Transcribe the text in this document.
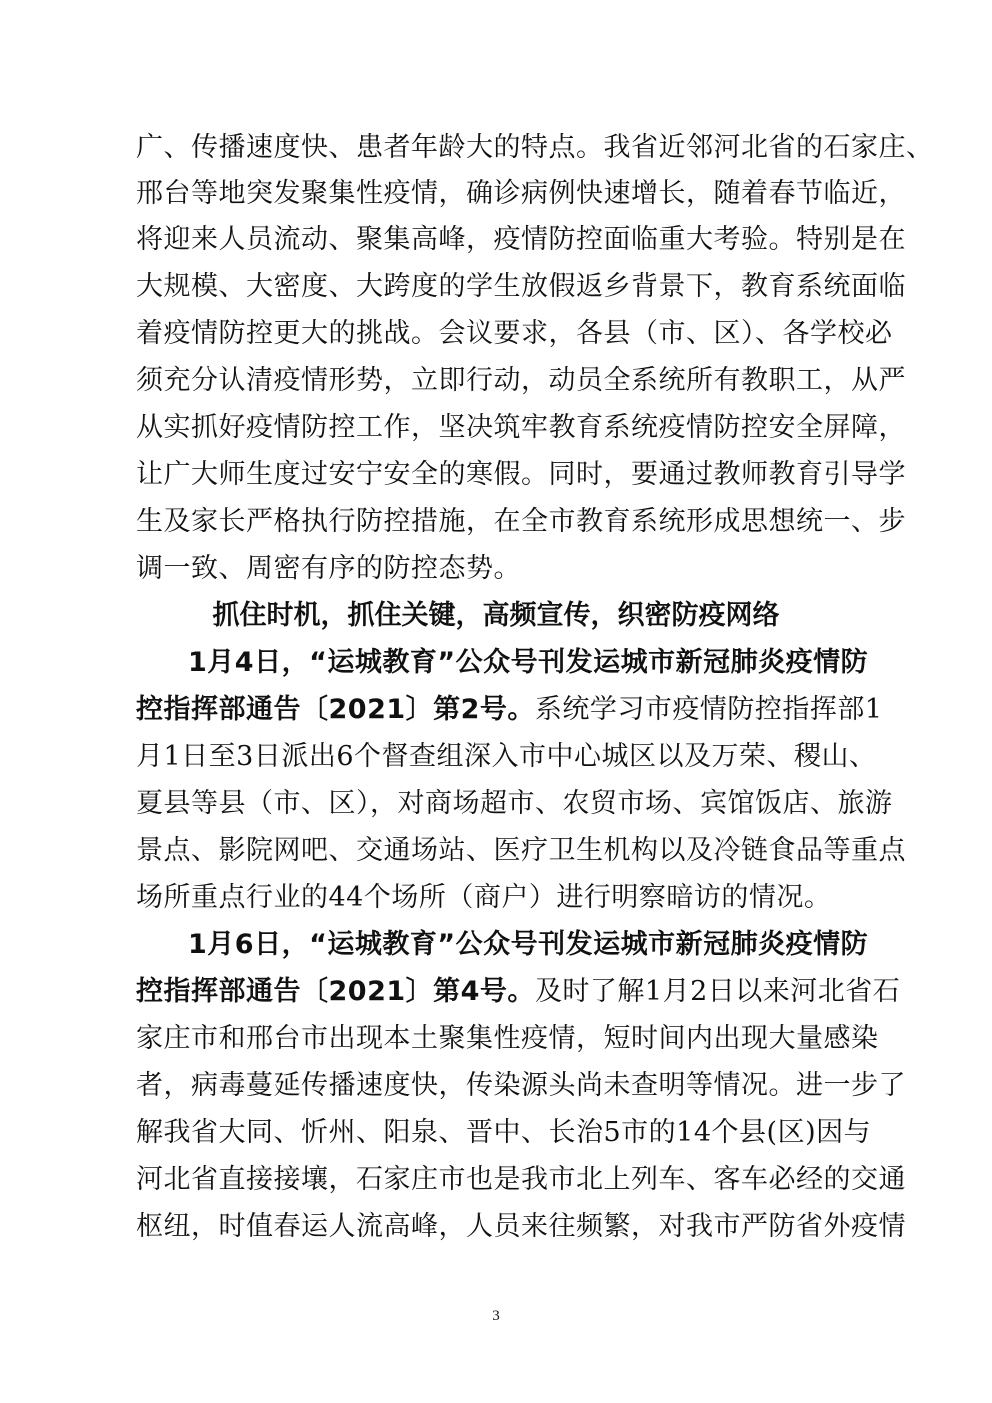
广、传播速度快、患者年龄大的特点。我省近邻河北省的石家庄、
邢台等地突发聚集性疫情，确诊病例快速增长，随着春节临近，
将迎来人员流动、聚集高峰，疫情防控面临重大考验。特别是在
大规模、大密度、大跨度的学生放假返乡背景下，教育系统面临
着疫情防控更大的挑战。会议要求，各县（市、区）、各学校必
须充分认清疫情形势，立即行动，动员全系统所有教职工，从严
从实抓好疫情防控工作，坚决筑牢教育系统疫情防控安全屏障，
让广大师生度过安宁安全的寒假。同时，要通过教师教育引导学
生及家长严格执行防控措施，在全市教育系统形成思想统一、步
调一致、周密有序的防控态势。
抓住时机，抓住关键，高频宣传，织密防疫网络
1月4日，“运城教育”公众号刊发运城市新冠肺炎疫情防
控指挥部通告〔2021〕第2号。系统学习市疫情防控指挥部1
月1日至3日派出6个督查组深入市中心城区以及万荣、稷山、
夏县等县（市、区），对商场超市、农贸市场、宾馆饭店、旅游
景点、影院网吧、交通场站、医疗卫生机构以及冷链食品等重点
场所重点行业的44个场所（商户）进行明察暗访的情况。
1月6日，“运城教育”公众号刊发运城市新冠肺炎疫情防
控指挥部通告〔2021〕第4号。及时了解1月2日以来河北省石
家庄市和邢台市出现本土聚集性疫情，短时间内出现大量感染
者，病毒蔓延传播速度快，传染源头尚未查明等情况。进一步了
解我省大同、忻州、阳泉、晋中、长治5市的14个县(区)因与
河北省直接接壤，石家庄市也是我市北上列车、客车必经的交通
枢纽，时值春运人流高峰，人员来往频繁，对我市严防省外疫情
3
